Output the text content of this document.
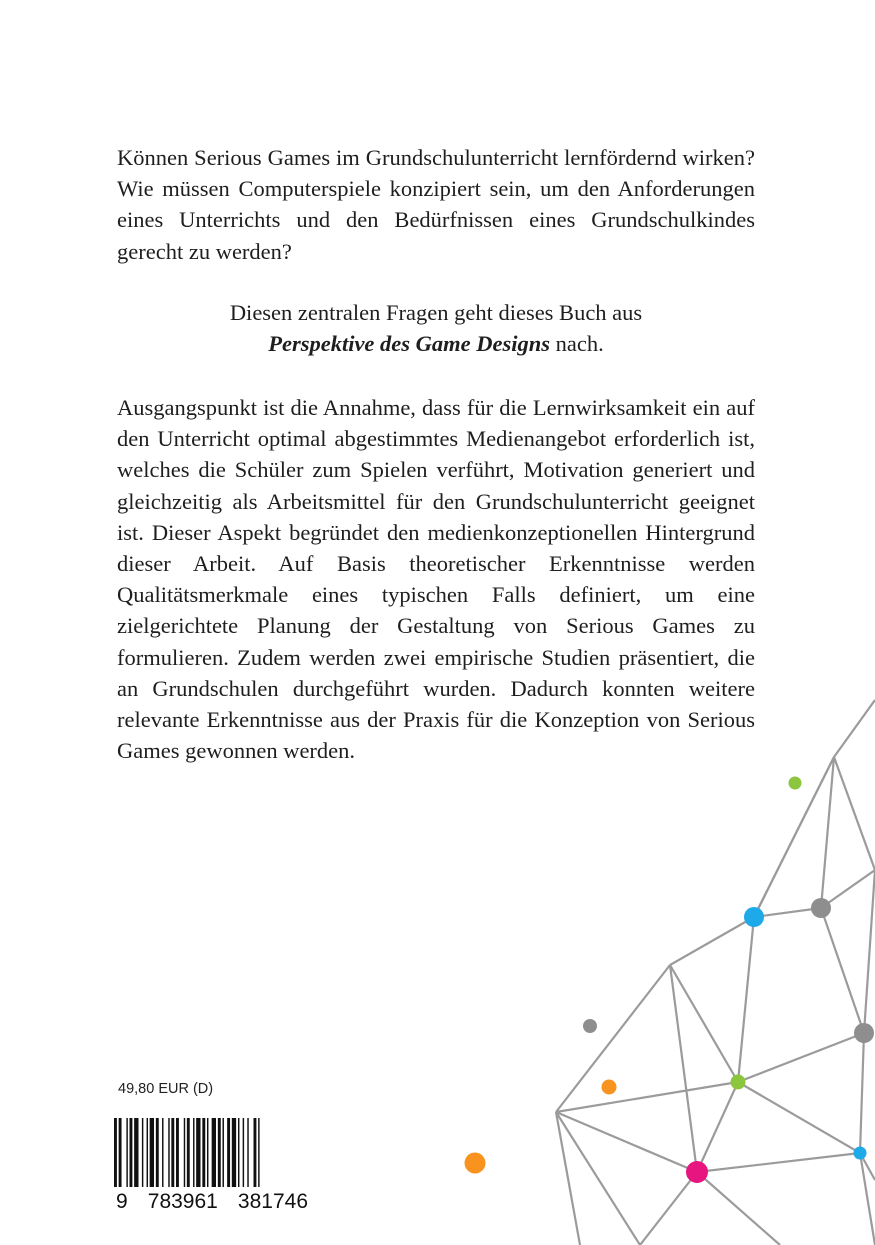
Können Serious Games im Grundschulunterricht lernfördernd wirken? Wie müssen Computerspiele konzipiert sein, um den Anforderungen eines Unterrichts und den Bedürfnissen eines Grundschulkindes gerecht zu werden?

Diesen zentralen Fragen geht dieses Buch aus
Perspektive des Game Designs nach.

Ausgangspunkt ist die Annahme, dass für die Lernwirksamkeit ein auf den Unterricht optimal abgestimmtes Medienangebot erforderlich ist, welches die Schüler zum Spielen verführt, Motivation generiert und gleichzeitig als Arbeitsmittel für den Grundschulunterricht geeignet ist. Dieser Aspekt begründet den medienkonzeptionellen Hintergrund dieser Arbeit. Auf Basis theoretischer Erkenntnisse werden Qualitätsmerkmale eines typischen Falls definiert, um eine zielgerichtete Planung der Gestaltung von Serious Games zu formulieren. Zudem werden zwei empirische Studien präsentiert, die an Grundschulen durchgeführt wurden. Dadurch konnten weitere relevante Erkenntnisse aus der Praxis für die Konzeption von Serious Games gewonnen werden.

49,80 EUR (D)
9 783961 381746
